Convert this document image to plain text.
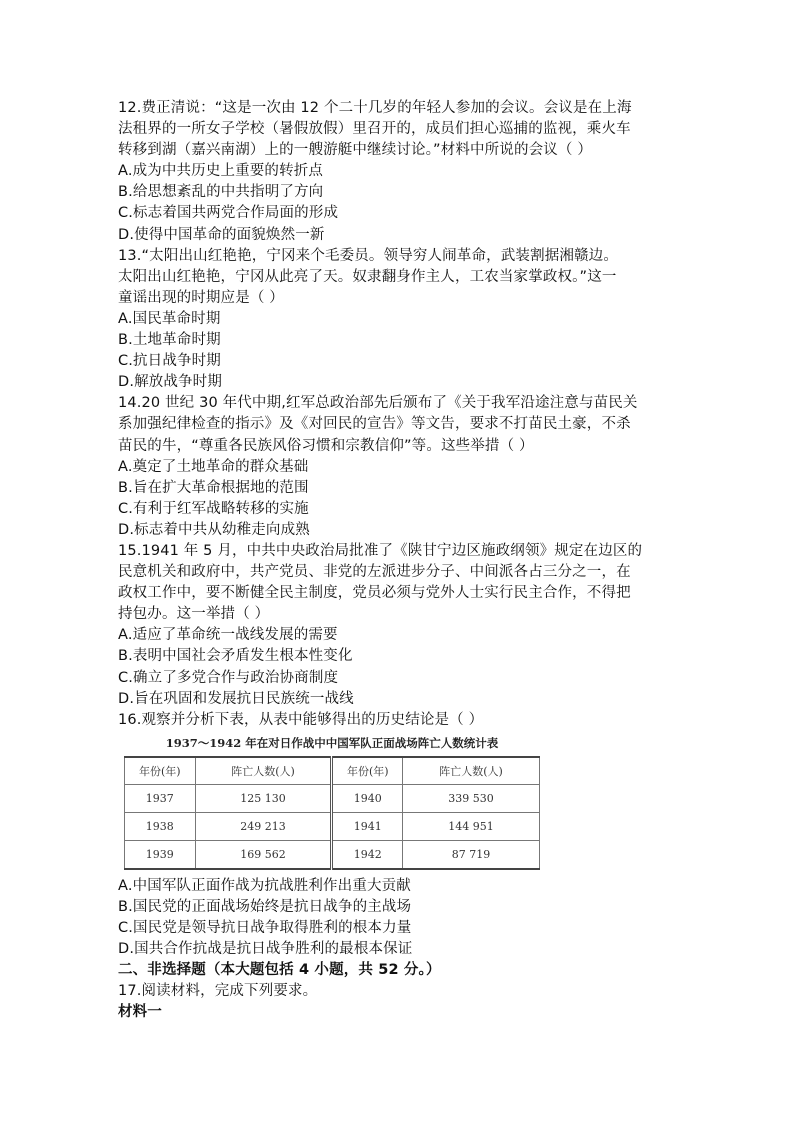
12.费正清说：“这是一次由 12 个二十几岁的年轻人参加的会议。会议是在上海
法租界的一所女子学校（暑假放假）里召开的，成员们担心巡捕的监视，乘火车
转移到湖（嘉兴南湖）上的一艘游艇中继续讨论。”材料中所说的会议（ ）
A.成为中共历史上重要的转折点
B.给思想紊乱的中共指明了方向
C.标志着国共两党合作局面的形成
D.使得中国革命的面貌焕然一新
13.“太阳出山红艳艳，宁冈来个毛委员。领导穷人闹革命，武装割据湘赣边。
太阳出山红艳艳，宁冈从此亮了天。奴隶翻身作主人，工农当家掌政权。”这一
童谣出现的时期应是（ ）
A.国民革命时期
B.土地革命时期
C.抗日战争时期
D.解放战争时期
14.20 世纪 30 年代中期,红军总政治部先后颁布了《关于我军沿途注意与苗民关
系加强纪律检查的指示》及《对回民的宣告》等文告，要求不打苗民土豪，不杀
苗民的牛，“尊重各民族风俗习惯和宗教信仰”等。这些举措（ ）
A.奠定了土地革命的群众基础
B.旨在扩大革命根据地的范围
C.有利于红军战略转移的实施
D.标志着中共从幼稚走向成熟
15.1941 年 5 月，中共中央政治局批准了《陕甘宁边区施政纲领》规定在边区的
民意机关和政府中，共产党员、非党的左派进步分子、中间派各占三分之一，在
政权工作中，要不断健全民主制度，党员必须与党外人士实行民主合作，不得把
持包办。这一举措（ ）
A.适应了革命统一战线发展的需要
B.表明中国社会矛盾发生根本性变化
C.确立了多党合作与政治协商制度
D.旨在巩固和发展抗日民族统一战线
16.观察并分析下表，从表中能够得出的历史结论是（ ）
1937～1942 年在对日作战中中国军队正面战场阵亡人数统计表
年份(年)	阵亡人数(人)	年份(年)	阵亡人数(人)
1937	125 130	1940	339 530
1938	249 213	1941	144 951
1939	169 562	1942	87 719
A.中国军队正面作战为抗战胜利作出重大贡献
B.国民党的正面战场始终是抗日战争的主战场
C.国民党是领导抗日战争取得胜利的根本力量
D.国共合作抗战是抗日战争胜利的最根本保证
二、非选择题（本大题包括 4 小题，共 52 分。）
17.阅读材料，完成下列要求。
材料一
